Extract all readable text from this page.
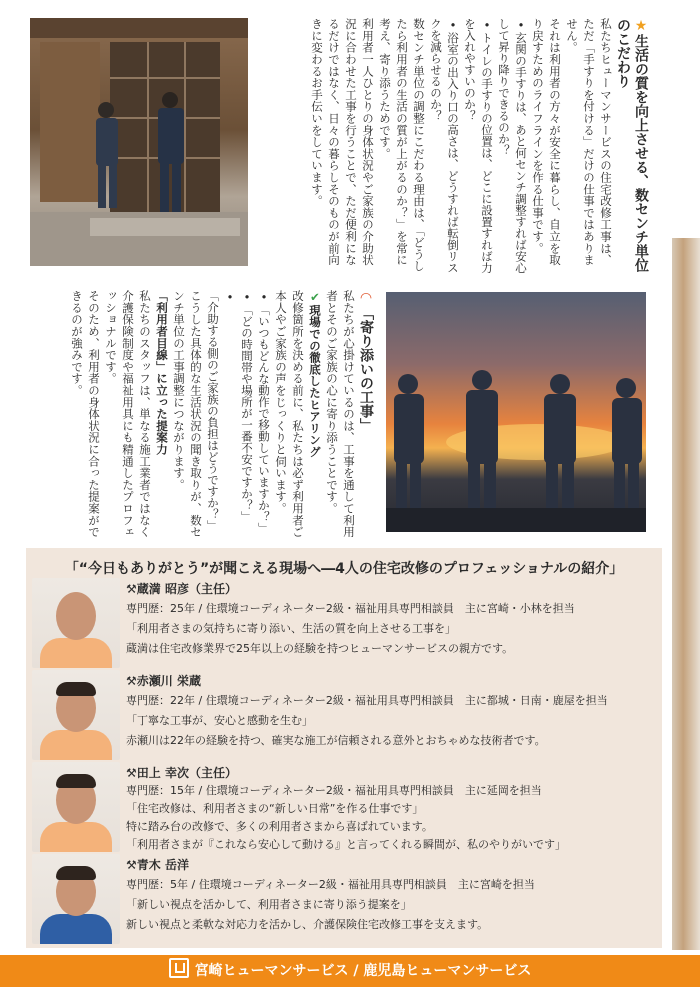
★生活の質を向上させる、数センチ単位のこだわり
私たちヒューマンサービスの住宅改修工事は、ただ「手すりを付ける」だけの仕事ではありません。
それは利用者の方々が安全に暮らし、自立を取り戻すためのライフラインを作る仕事です。
•玄関の手すりは、あと何センチ調整すれば安心して昇り降りできるのか？
•トイレの手すりの位置は、どこに設置すれば力を入れやすいのか？
•浴室の出入り口の高さは、どうすれば転倒リスクを減らせるのか？
数センチ単位の調整にこだわる理由は、「どうしたら利用者の生活の質が上がるのか？」を常に考え、寄り添うためです。
利用者一人ひとりの身体状況やご家族の介助状況に合わせた工事を行うことで、ただ便利になるだけではなく、日々の暮らしそのものが前向きに変わるお手伝いをしています。
◠「寄り添いの工事」
私たちが心掛けているのは、工事を通して利用者とそのご家族の心に寄り添うことです。
✔現場での徹底したヒアリング
改修箇所を決める前に、私たちは必ず利用者ご本人やご家族の声をじっくりと伺います。
•「いつもどんな動作で移動していますか？」
•「どの時間帯や場所が一番不安ですか？」
•「介助する側のご家族の負担はどうですか？」
こうした具体的な生活状況の聞き取りが、数センチ単位の工事調整につながります。
「利用者目線」に立った提案力
私たちのスタッフは、単なる施工業者ではなく介護保険制度や福祉用具にも精通したプロフェッショナルです。
そのため、利用者の身体状況に合った提案ができるのが強みです。
「“今日もありがとう”が聞こえる現場へ―4人の住宅改修のプロフェッショナルの紹介」
⚒蔵満 昭彦（主任）
専門歴：25年 / 住環境コーディネーター2級・福祉用具専門相談員　主に宮崎・小林を担当
「利用者さまの気持ちに寄り添い、生活の質を向上させる工事を」
蔵満は住宅改修業界で25年以上の経験を持つヒューマンサービスの親方です。
⚒赤瀬川 栄蔵
専門歴：22年 / 住環境コーディネーター2級・福祉用具専門相談員　主に都城・日南・鹿屋を担当
「丁寧な工事が、安心と感動を生む」
赤瀬川は22年の経験を持つ、確実な施工が信頼される意外とおちゃめな技術者です。
⚒田上 幸次（主任）
専門歴：15年 / 住環境コーディネーター2級・福祉用具専門相談員　主に延岡を担当
「住宅改修は、利用者さまの“新しい日常”を作る仕事です」
特に踏み台の改修で、多くの利用者さまから喜ばれています。
「利用者さまが『これなら安心して動ける』と言ってくれる瞬間が、私のやりがいです」
⚒青木 岳洋
専門歴：5年 / 住環境コーディネーター2級・福祉用具専門相談員　主に宮崎を担当
「新しい視点を活かして、利用者さまに寄り添う提案を」
新しい視点と柔軟な対応力を活かし、介護保険住宅改修工事を支えます。
宮崎ヒューマンサービス / 鹿児島ヒューマンサービス
